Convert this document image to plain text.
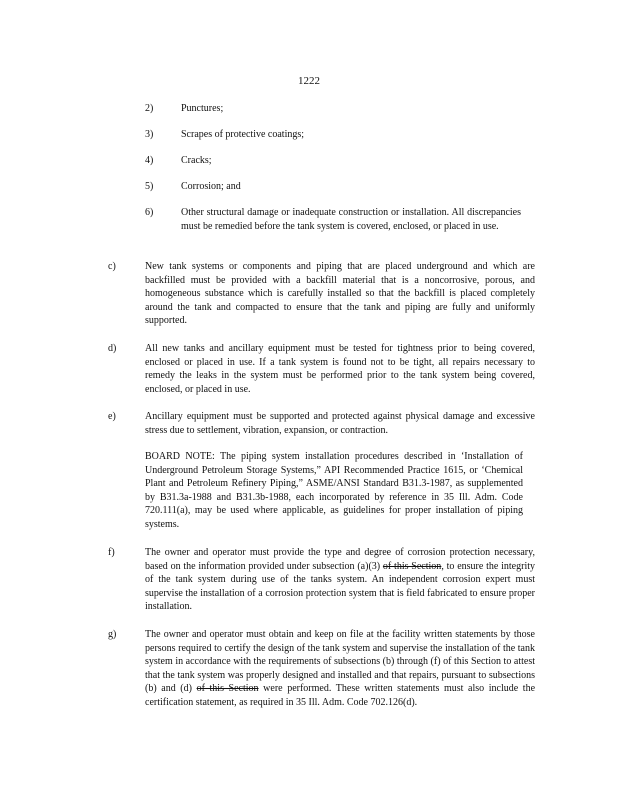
1222
2)	Punctures;
3)	Scrapes of protective coatings;
4)	Cracks;
5)	Corrosion; and
6)	Other structural damage or inadequate construction or installation. All discrepancies must be remedied before the tank system is covered, enclosed, or placed in use.
c)	New tank systems or components and piping that are placed underground and which are backfilled must be provided with a backfill material that is a noncorrosive, porous, and homogeneous substance which is carefully installed so that the backfill is placed completely around the tank and compacted to ensure that the tank and piping are fully and uniformly supported.
d)	All new tanks and ancillary equipment must be tested for tightness prior to being covered, enclosed or placed in use. If a tank system is found not to be tight, all repairs necessary to remedy the leaks in the system must be performed prior to the tank system being covered, enclosed, or placed in use.
e)	Ancillary equipment must be supported and protected against physical damage and excessive stress due to settlement, vibration, expansion, or contraction.

BOARD NOTE: The piping system installation procedures described in ‘Installation of Underground Petroleum Storage Systems,” API Recommended Practice 1615, or ‘Chemical Plant and Petroleum Refinery Piping,” ASME/ANSI Standard B31.3-1987, as supplemented by B31.3a-1988 and B31.3b-1988, each incorporated by reference in 35 Ill. Adm. Code 720.111(a), may be used where applicable, as guidelines for proper installation of piping systems.

f)	The owner and operator must provide the type and degree of corrosion protection necessary, based on the information provided under subsection (a)(3) of this Section, to ensure the integrity of the tank system during use of the tanks system. An independent corrosion expert must supervise the installation of a corrosion protection system that is field fabricated to ensure proper installation.
g)	The owner and operator must obtain and keep on file at the facility written statements by those persons required to certify the design of the tank system and supervise the installation of the tank system in accordance with the requirements of subsections (b) through (f) of this Section to attest that the tank system was properly designed and installed and that repairs, pursuant to subsections (b) and (d) of this Section were performed. These written statements must also include the certification statement, as required in 35 Ill. Adm. Code 702.126(d).
